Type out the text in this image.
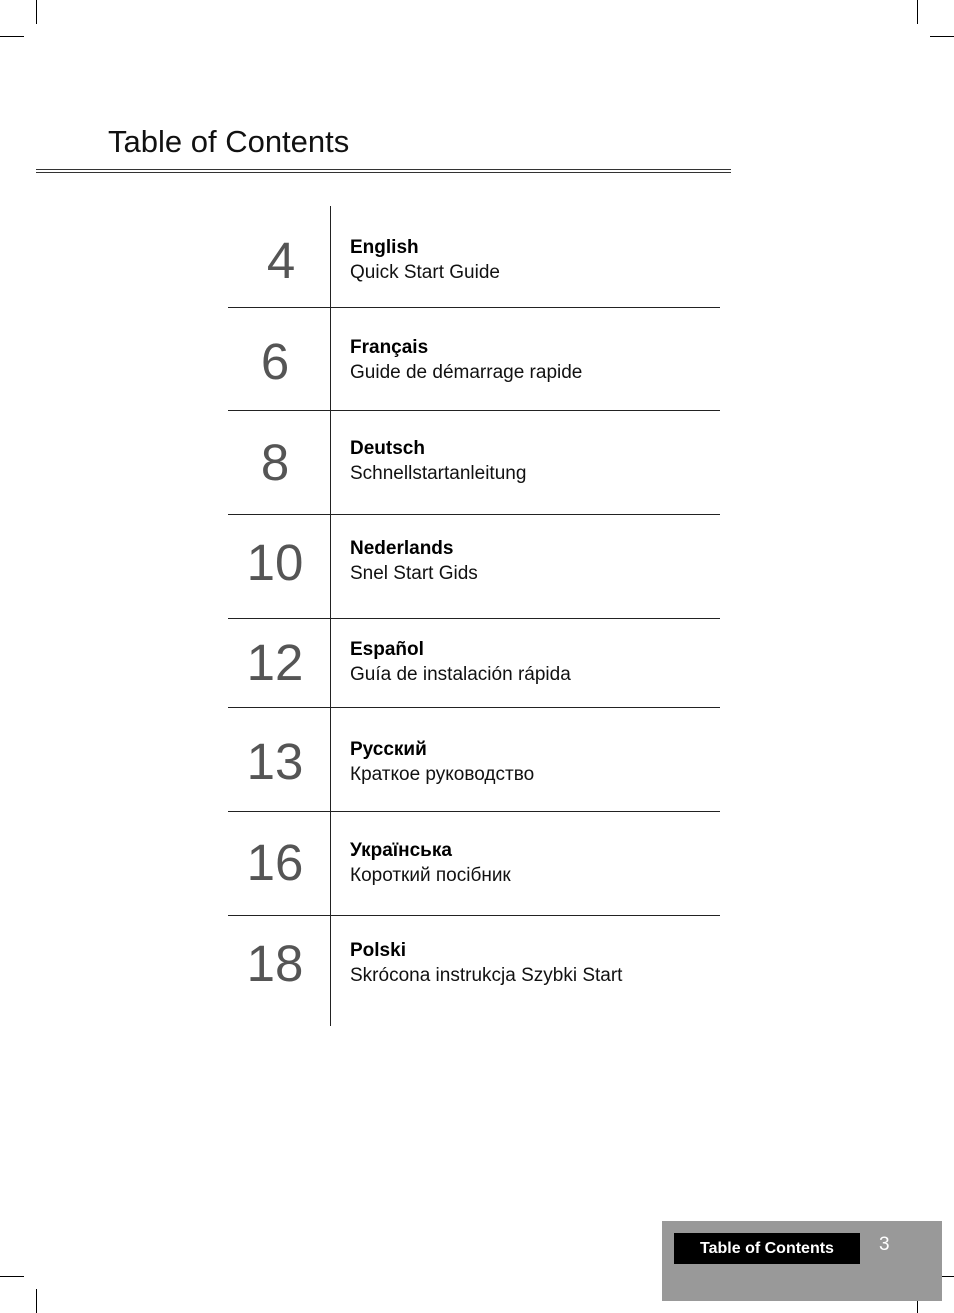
Table of Contents
4	English
Quick Start Guide
6	Français
Guide de démarrage rapide
8	Deutsch
Schnellstartanleitung
10	Nederlands
Snel Start Gids
12	Español
Guía de instalación rápida
13	Русский
Краткое руководство
16	Українська
Короткий посібник
18	Polski
Skrócona instrukcja Szybki Start
Table of Contents	3
